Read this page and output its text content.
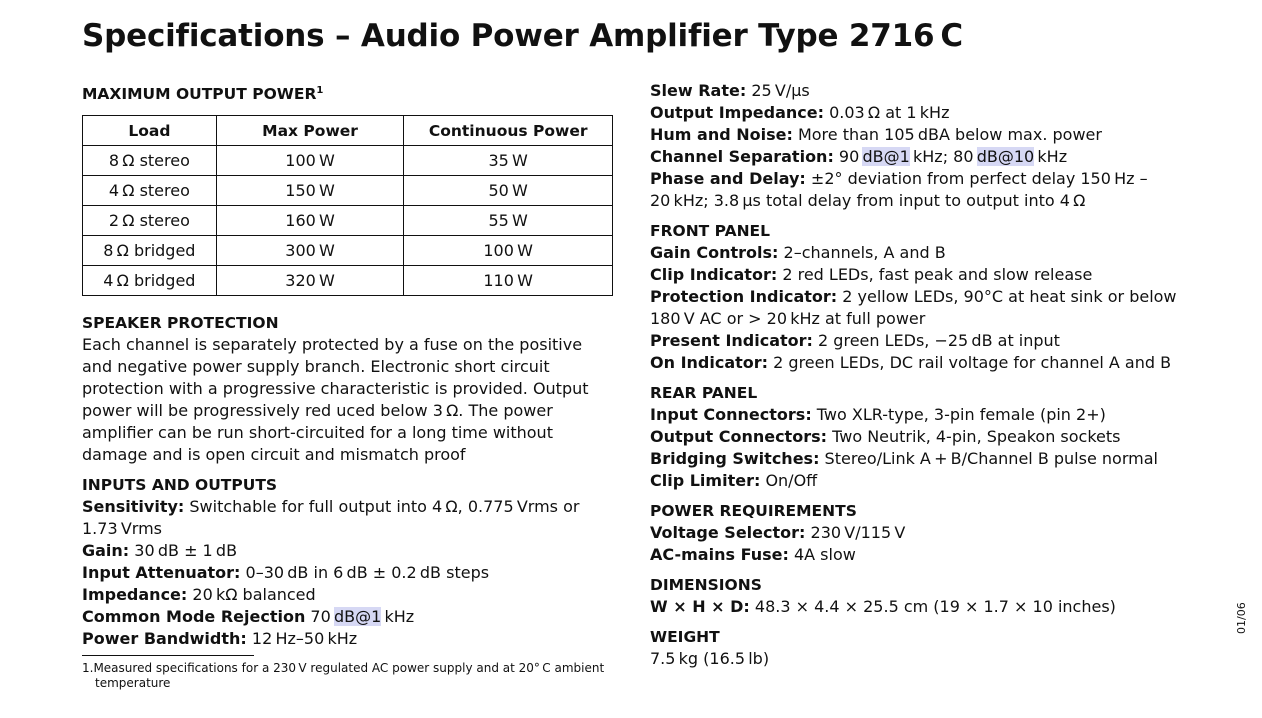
Specifications – Audio Power Amplifier Type 2716 C
MAXIMUM OUTPUT POWER$^1$
Load	Max Power	Continuous Power
8 Ω stereo	100 W	35 W
4 Ω stereo	150 W	50 W
2 Ω stereo	160 W	55 W
8 Ω bridged	300 W	100 W
4 Ω bridged	320 W	110 W
SPEAKER PROTECTION
Each channel is separately protected by a fuse on the positive and negative power supply branch. Electronic short circuit protection with a progressive characteristic is provided. Output power will be progressively red uced below 3 Ω. The power amplifier can be run short-circuited for a long time without damage and is open circuit and mismatch proof
INPUTS AND OUTPUTS
Sensitivity: Switchable for full output into 4 Ω, 0.775 Vrms or 1.73 Vrms
Gain: 30 dB ± 1 dB
Input Attenuator: 0–30 dB in 6 dB ± 0.2 dB steps
Impedance: 20 kΩ balanced
Common Mode Rejection 70 dB@1 kHz
Power Bandwidth: 12 Hz–50 kHz
1.Measured specifications for a 230 V regulated AC power supply and at 20° C ambient temperature
Slew Rate: 25 V/µs
Output Impedance: 0.03 Ω at 1 kHz
Hum and Noise: More than 105 dBA below max. power
Channel Separation: 90 dB@1 kHz; 80 dB@10 kHz
Phase and Delay: ±2° deviation from perfect delay 150 Hz –
20 kHz; 3.8 µs total delay from input to output into 4 Ω
FRONT PANEL
Gain Controls: 2–channels, A and B
Clip Indicator: 2 red LEDs, fast peak and slow release
Protection Indicator: 2 yellow LEDs, 90°C at heat sink or below
180 V AC or > 20 kHz at full power
Present Indicator: 2 green LEDs, −25 dB at input
On Indicator: 2 green LEDs, DC rail voltage for channel A and B
REAR PANEL
Input Connectors: Two XLR-type, 3-pin female (pin 2+)
Output Connectors: Two Neutrik, 4-pin, Speakon sockets
Bridging Switches: Stereo/Link A + B/Channel B pulse normal
Clip Limiter: On/Off
POWER REQUIREMENTS
Voltage Selector: 230 V/115 V
AC-mains Fuse: 4A slow
DIMENSIONS
W × H × D: 48.3 × 4.4 × 25.5 cm (19 × 1.7 × 10 inches)
WEIGHT
7.5 kg (16.5 lb)
01/06
